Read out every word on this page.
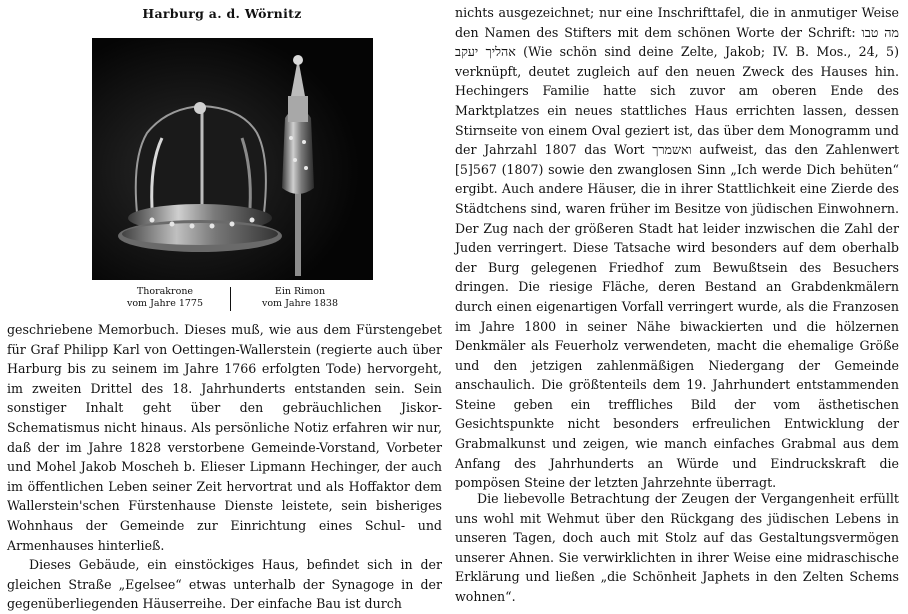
Harburg a. d. Wörnitz
Thorakrone
vom Jahre 1775
Ein Rimon
vom Jahre 1838

geschriebene Memorbuch. Dieses muß, wie aus dem Fürstengebet für Graf Philipp Karl von Oettingen-Wallerstein (regierte auch über Harburg bis zu seinem im Jahre 1766 erfolgten Tode) hervorgeht, im zweiten Drittel des 18. Jahrhunderts entstanden sein. Sein sonstiger Inhalt geht über den gebräuchlichen Jiskor-Schematismus nicht hinaus. Als persönliche Notiz erfahren wir nur, daß der im Jahre 1828 verstorbene Gemeinde-Vorstand, Vorbeter und Mohel Jakob Moscheh b. Elieser Lipmann Hechinger, der auch im öffentlichen Leben seiner Zeit hervortrat und als Hoffaktor dem Wallerstein'schen Fürstenhause Dienste leistete, sein bisheriges Wohnhaus der Gemeinde zur Einrichtung eines Schul- und Armenhauses hinterließ.

Dieses Gebäude, ein einstöckiges Haus, befindet sich in der gleichen Straße „Egelsee“ etwas unterhalb der Synagoge in der gegenüberliegenden Häuserreihe. Der einfache Bau ist durch

nichts ausgezeichnet; nur eine Inschrifttafel, die in anmutiger Weise den Namen des Stifters mit dem schönen Worte der Schrift: מה טבו אהליך יעקב (Wie schön sind deine Zelte, Jakob; IV. B. Mos., 24, 5) verknüpft, deutet zugleich auf den neuen Zweck des Hauses hin. Hechingers Familie hatte sich zuvor am oberen Ende des Marktplatzes ein neues stattliches Haus errichten lassen, dessen Stirnseite von einem Oval geziert ist, das über dem Monogramm und der Jahrzahl 1807 das Wort ואשמרך aufweist, das den Zahlenwert [5]567 (1807) sowie den zwanglosen Sinn „Ich werde Dich behüten“ ergibt. Auch andere Häuser, die in ihrer Stattlichkeit eine Zierde des Städtchens sind, waren früher im Besitze von jüdischen Einwohnern. Der Zug nach der größeren Stadt hat leider inzwischen die Zahl der Juden verringert. Diese Tatsache wird besonders auf dem oberhalb der Burg gelegenen Friedhof zum Bewußtsein des Besuchers dringen. Die riesige Fläche, deren Bestand an Grabdenkmälern durch einen eigenartigen Vorfall verringert wurde, als die Franzosen im Jahre 1800 in seiner Nähe biwackierten und die hölzernen Denkmäler als Feuerholz verwendeten, macht die ehemalige Größe und den jetzigen zahlenmäßigen Niedergang der Gemeinde anschaulich. Die größtenteils dem 19. Jahrhundert entstammenden Steine geben ein treffliches Bild der vom ästhetischen Gesichtspunkte nicht besonders erfreulichen Entwicklung der Grabmalkunst und zeigen, wie manch einfaches Grabmal aus dem Anfang des Jahrhunderts an Würde und Eindruckskraft die pompösen Steine der letzten Jahrzehnte überragt.

Die liebevolle Betrachtung der Zeugen der Vergangenheit erfüllt uns wohl mit Wehmut über den Rückgang des jüdischen Lebens in unseren Tagen, doch auch mit Stolz auf das Gestaltungsvermögen unserer Ahnen. Sie verwirklichten in ihrer Weise eine midraschische Erklärung und ließen „die Schönheit Japhets in den Zelten Schems wohnen“.
